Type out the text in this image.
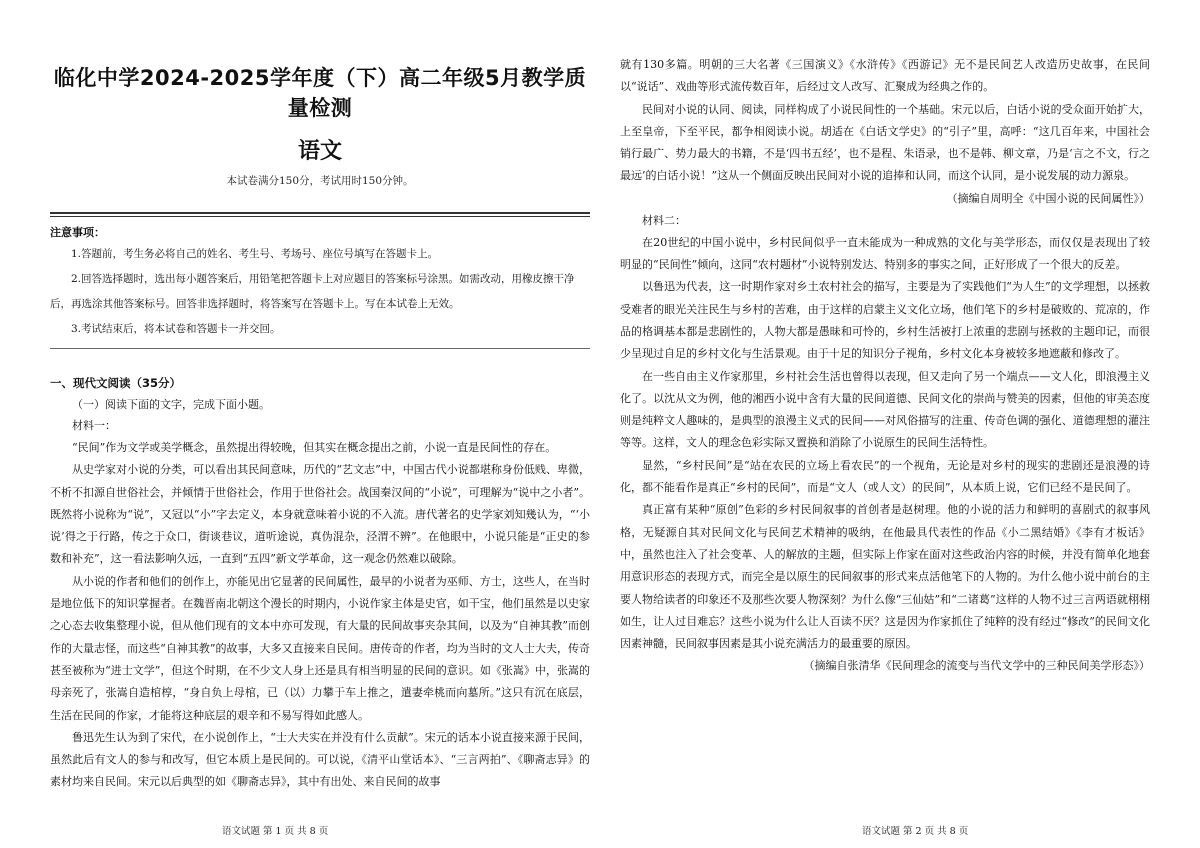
临化中学2024-2025学年度（下）高二年级5月教学质量检测
语文
本试卷满分150分，考试用时150分钟。
注意事项：
1.答题前，考生务必将自己的姓名、考生号、考场号、座位号填写在答题卡上。
2.回答选择题时，选出每小题答案后，用铅笔把答题卡上对应题目的答案标号涂黑。如需改动，用橡皮擦干净后，再选涂其他答案标号。回答非选择题时，将答案写在答题卡上。写在本试卷上无效。
3.考试结束后，将本试卷和答题卡一并交回。
一、现代文阅读（35分）
（一）阅读下面的文字，完成下面小题。
材料一：

“民间”作为文学或美学概念，虽然提出得较晚，但其实在概念提出之前，小说一直是民间性的存在。

从史学家对小说的分类，可以看出其民间意味，历代的“艺文志”中，中国古代小说都堪称身份低贱、卑微，不析不扣源自世俗社会，并倾情于世俗社会，作用于世俗社会。战国秦汉间的“小说”，可理解为“说中之小者”。既然将小说称为“说”，又冠以“小”字去定义，本身就意味着小说的不入流。唐代著名的史学家刘知幾认为，“‘小说’得之于行路，传之于众口，街谈巷议，道听途说，真伪混杂，泾渭不辨”。在他眼中，小说只能是“正史的参数和补充”，这一看法影响久远，一直到“五四”新文学革命，这一观念仍然难以破除。

从小说的作者和他们的创作上，亦能见出它显著的民间属性，最早的小说者为巫师、方士，这些人，在当时是地位低下的知识掌握者。在魏晋南北朝这个漫长的时期内，小说作家主体是史官，如干宝，他们虽然是以史家之心态去收集整理小说，但从他们现有的文本中亦可发现，有大量的民间故事夹杂其间，以及为“自神其教”而创作的大量志怪，而这些“自神其教”的故事，大多又直接来自民间。唐传奇的作者，均为当时的文人士大夫，传奇甚至被称为“进士文学”，但这个时期，在不少文人身上还是具有相当明显的民间的意识。如《张嵩》中，张嵩的母亲死了，张嵩自造棺椁，“身自负上母棺，已（以）力攀于车上推之，遣妻牵桃而向墓所。”这只有沉在底层，生活在民间的作家，才能将这种底层的艰辛和不易写得如此感人。

鲁迅先生认为到了宋代，在小说创作上，“士大夫实在并没有什么贡献”。宋元的话本小说直接来源于民间，虽然此后有文人的参与和改写，但它本质上是民间的。可以说，《清平山堂话本》、“三言两拍”、《聊斋志异》的素材均来自民间。宋元以后典型的如《聊斋志异》，其中有出处、来自民间的故事

就有130多篇。明朝的三大名著《三国演义》《水浒传》《西游记》无不是民间艺人改造历史故事，在民间以“说话”、戏曲等形式流传数百年，后经过文人改写、汇聚成为经典之作的。

民间对小说的认同、阅读，同样构成了小说民间性的一个基础。宋元以后，白话小说的受众面开始扩大，上至皇帝，下至平民，都争相阅读小说。胡适在《白话文学史》的“引子”里，高呼：“这几百年来，中国社会销行最广、势力最大的书籍，不是‘四书五经’，也不是程、朱语录，也不是韩、柳文章，乃是‘言之不文，行之最远’的白话小说！”这从一个侧面反映出民间对小说的追捧和认同，而这个认同，是小说发展的动力源泉。

（摘编自周明全《中国小说的民间属性》）

材料二：

在20世纪的中国小说中，乡村民间似乎一直未能成为一种成熟的文化与美学形态，而仅仅是表现出了较明显的“民间性”倾向，这同“农村题材”小说特别发达、特别多的事实之间，正好形成了一个很大的反差。

以鲁迅为代表，这一时期作家对乡土农村社会的描写，主要是为了实践他们“为人生”的文学理想，以拯救受难者的眼光关注民生与乡村的苦难，由于这样的启蒙主义文化立场，他们笔下的乡村是破败的、荒凉的，作品的格调基本都是悲剧性的，人物大都是愚昧和可怜的，乡村生活被打上浓重的悲剧与拯救的主题印记，而很少呈现过自足的乡村文化与生活景观。由于十足的知识分子视角，乡村文化本身被较多地遮蔽和修改了。

在一些自由主义作家那里，乡村社会生活也曾得以表现，但又走向了另一个端点——文人化，即浪漫主义化了。以沈从文为例，他的湘西小说中含有大量的民间道德、民间文化的崇尚与赞美的因素，但他的审美态度则是纯粹文人趣味的，是典型的浪漫主义式的民间——对风俗描写的注重、传奇色调的强化、道德理想的灌注等等。这样，文人的理念色彩实际又置换和消除了小说原生的民间生活特性。

显然，“乡村民间”是“站在农民的立场上看农民”的一个视角，无论是对乡村的现实的悲剧还是浪漫的诗化，都不能看作是真正“乡村的民间”，而是“文人（或人文）的民间”，从本质上说，它们已经不是民间了。

真正富有某种“原创”色彩的乡村民间叙事的首创者是赵树理。他的小说的活力和鲜明的喜剧式的叙事风格，无疑源自其对民间文化与民间艺术精神的吸纳，在他最具代表性的作品《小二黑结婚》《李有才板话》中，虽然也注入了社会变革、人的解放的主题，但实际上作家在面对这些政治内容的时候，并没有简单化地套用意识形态的表现方式，而完全是以原生的民间叙事的形式来点活他笔下的人物的。为什么他小说中前台的主要人物给读者的印象还不及那些次要人物深刻？为什么像“三仙姑”和“二诸葛”这样的人物不过三言两语就栩栩如生，让人过目难忘？这些小说为什么让人百读不厌？这是因为作家抓住了纯粹的没有经过“修改”的民间文化因素神髓，民间叙事因素是其小说充满活力的最重要的原因。

（摘编自张清华《民间理念的流变与当代文学中的三种民间美学形态》）

语文试题 第 1 页 共 8 页	语文试题 第 2 页 共 8 页
